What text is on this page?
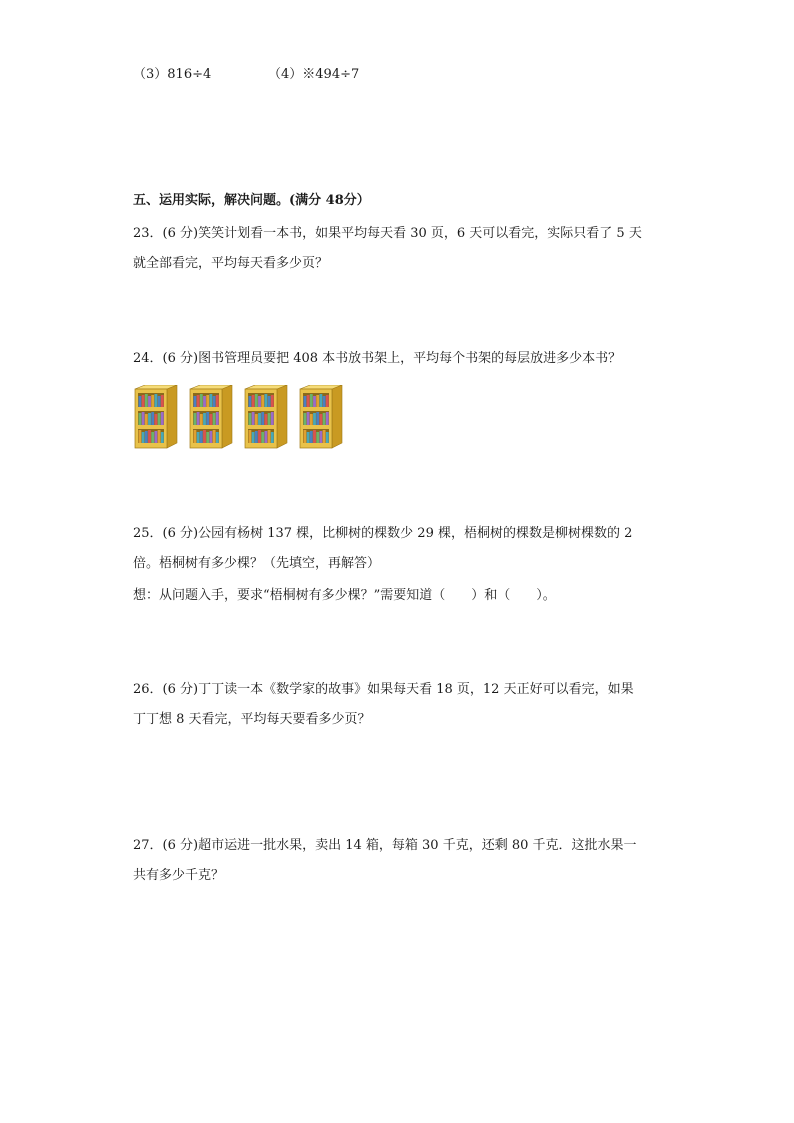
（3）816÷4	（4）※494÷7
五、运用实际，解决问题。(满分 48分）
23．(6 分)笑笑计划看一本书，如果平均每天看 30 页，6 天可以看完，实际只看了 5 天
就全部看完，平均每天看多少页？
24．(6 分)图书管理员要把 408 本书放书架上，平均每个书架的每层放进多少本书？
25．(6 分)公园有杨树 137 棵，比柳树的棵数少 29 棵，梧桐树的棵数是柳树棵数的 2
倍。梧桐树有多少棵？（先填空，再解答）
想：从问题入手，要求“梧桐树有多少棵？”需要知道（　　）和（　　）。
26．(6 分)丁丁读一本《数学家的故事》如果每天看 18 页，12 天正好可以看完，如果
丁丁想 8 天看完，平均每天要看多少页？
27．(6 分)超市运进一批水果，卖出 14 箱，每箱 30 千克，还剩 80 千克．这批水果一
共有多少千克？
